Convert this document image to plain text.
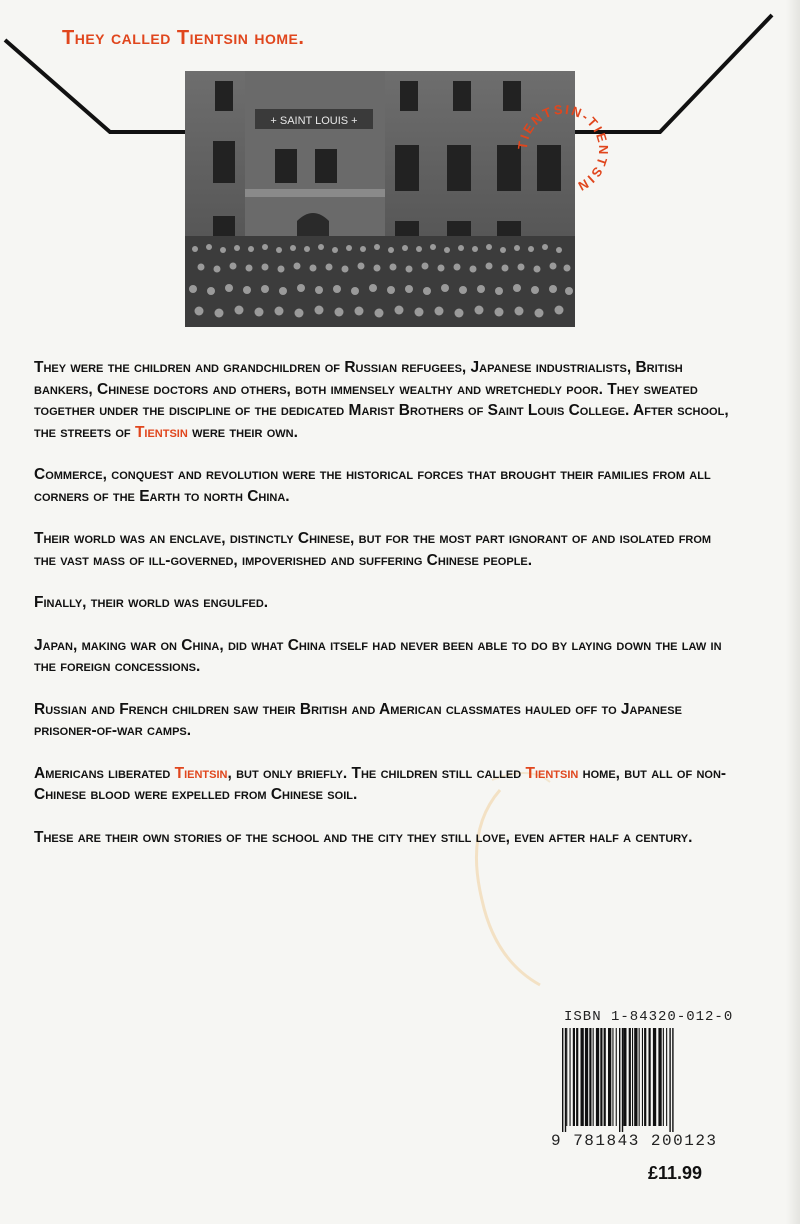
They called Tientsin home.
+ SAINT LOUIS +
TIENTSIN-TIENTSIN

They were the children and grandchildren of Russian refugees, Japanese industrialists, British bankers, Chinese doctors and others, both immensely wealthy and wretchedly poor. They sweated together under the discipline of the dedicated Marist Brothers of Saint Louis College. After school, the streets of Tientsin were their own.

Commerce, conquest and revolution were the historical forces that brought their families from all corners of the Earth to north China.

Their world was an enclave, distinctly Chinese, but for the most part ignorant of and isolated from the vast mass of ill-governed, impoverished and suffering Chinese people.

Finally, their world was engulfed.

Japan, making war on China, did what China itself had never been able to do by laying down the law in the foreign concessions.

Russian and French children saw their British and American classmates hauled off to Japanese prisoner-of-war camps.

Americans liberated Tientsin, but only briefly. The children still called Tientsin home, but all of non-Chinese blood were expelled from Chinese soil.

These are their own stories of the school and the city they still love, even after half a century.

ISBN 1-84320-012-0
9 781843 200123
£11.99
